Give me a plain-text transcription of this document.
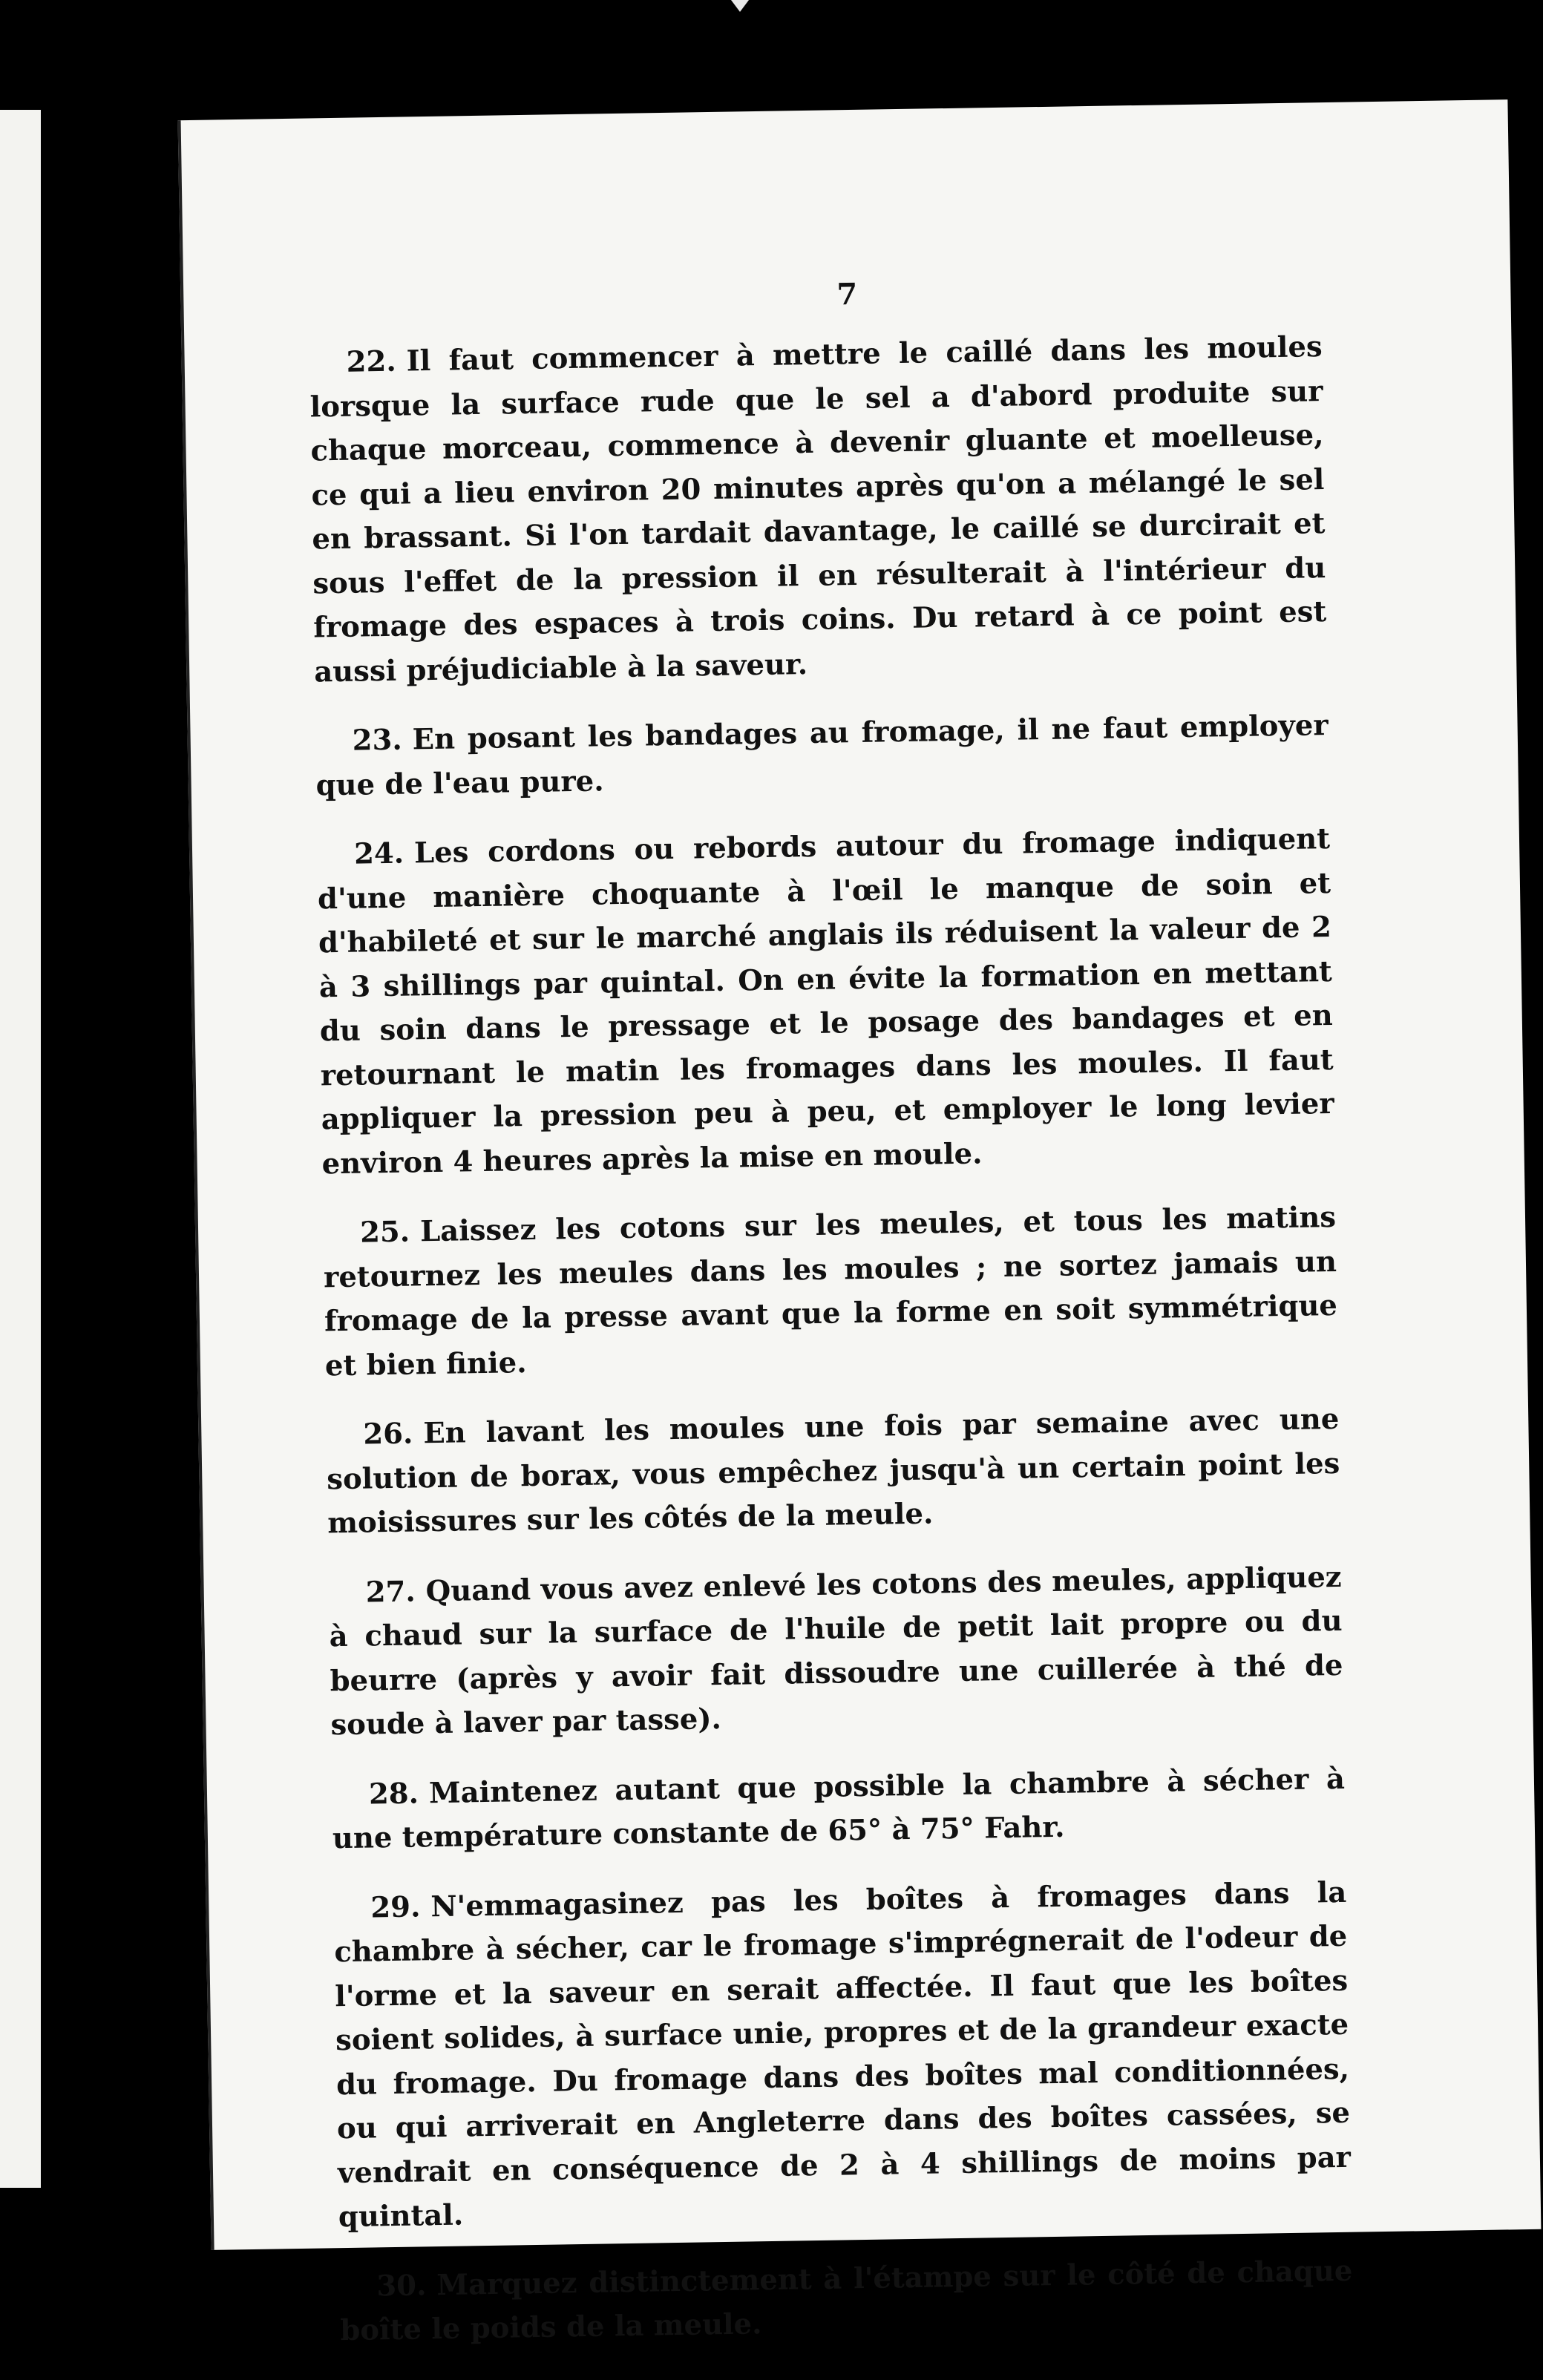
7

22. Il faut commencer à mettre le caillé dans les moules lorsque la surface rude que le sel a d'abord produite sur chaque morceau, commence à devenir gluante et moelleuse, ce qui a lieu environ 20 minutes après qu'on a mélangé le sel en brassant. Si l'on tardait davantage, le caillé se durcirait et sous l'effet de la pression il en résulterait à l'intérieur du fromage des espaces à trois coins. Du retard à ce point est aussi préjudiciable à la saveur.

23. En posant les bandages au fromage, il ne faut employer que de l'eau pure.

24. Les cordons ou rebords autour du fromage indiquent d'une manière choquante à l'œil le manque de soin et d'habileté et sur le marché anglais ils réduisent la valeur de 2 à 3 shillings par quintal. On en évite la formation en mettant du soin dans le pressage et le posage des bandages et en retournant le matin les fromages dans les moules. Il faut appliquer la pression peu à peu, et employer le long levier environ 4 heures après la mise en moule.

25. Laissez les cotons sur les meules, et tous les matins retournez les meules dans les moules ; ne sortez jamais un fromage de la presse avant que la forme en soit symmétrique et bien finie.

26. En lavant les moules une fois par semaine avec une solution de borax, vous empêchez jusqu'à un certain point les moisissures sur les côtés de la meule.

27. Quand vous avez enlevé les cotons des meules, appliquez à chaud sur la surface de l'huile de petit lait propre ou du beurre (après y avoir fait dissoudre une cuillerée à thé de soude à laver par tasse).

28. Maintenez autant que possible la chambre à sécher à une température constante de 65° à 75° Fahr.

29. N'emmagasinez pas les boîtes à fromages dans la chambre à sécher, car le fromage s'imprégnerait de l'odeur de l'orme et la saveur en serait affectée. Il faut que les boîtes soient solides, à surface unie, propres et de la grandeur exacte du fromage. Du fromage dans des boîtes mal conditionnées, ou qui arriverait en Angleterre dans des boîtes cassées, se vendrait en conséquence de 2 à 4 shillings de moins par quintal.

30. Marquez distinctement à l'étampe sur le côté de chaque boîte le poids de la meule.
